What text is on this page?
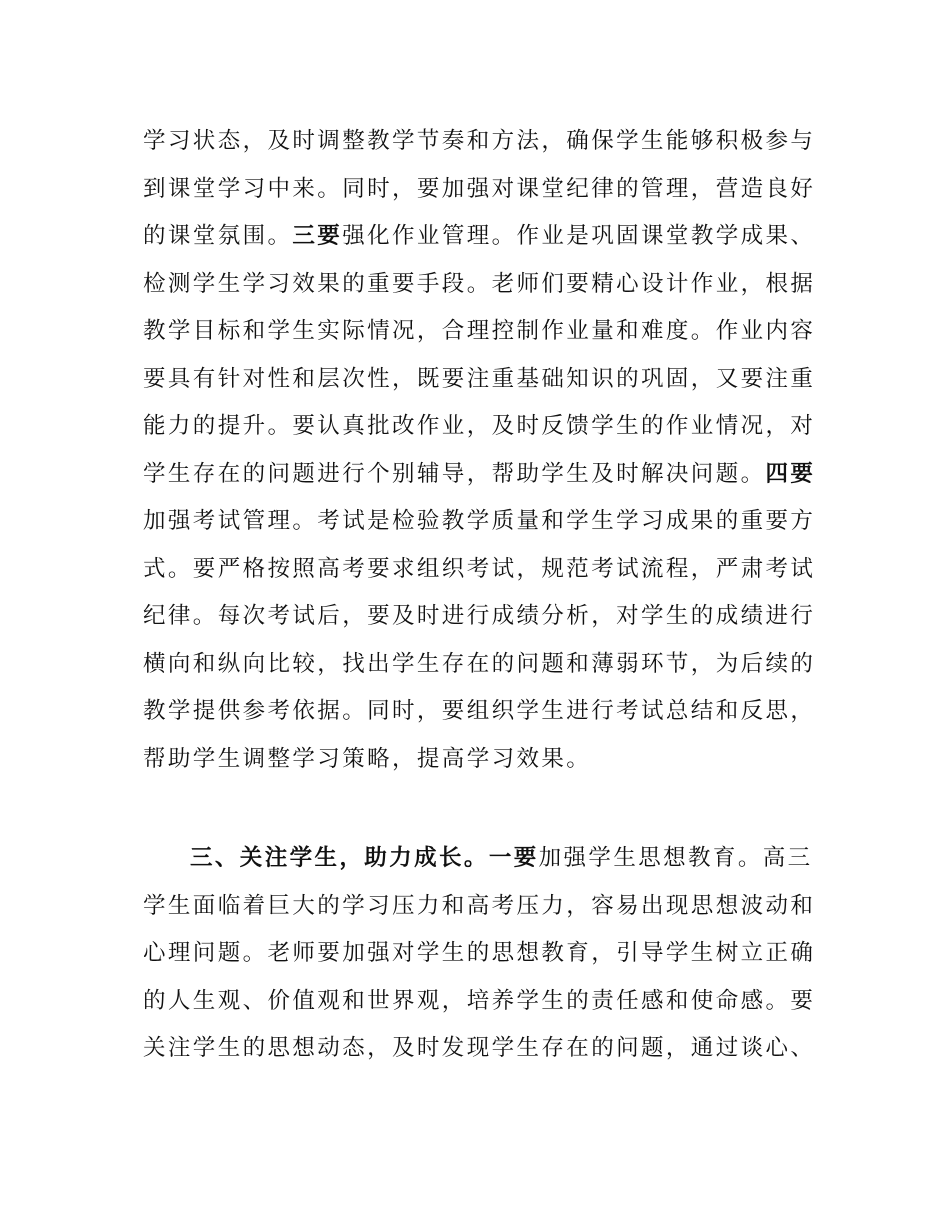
学习状态，及时调整教学节奏和方法，确保学生能够积极参与
到课堂学习中来。同时，要加强对课堂纪律的管理，营造良好
的课堂氛围。三要强化作业管理。作业是巩固课堂教学成果、
检测学生学习效果的重要手段。老师们要精心设计作业，根据
教学目标和学生实际情况，合理控制作业量和难度。作业内容
要具有针对性和层次性，既要注重基础知识的巩固，又要注重
能力的提升。要认真批改作业，及时反馈学生的作业情况，对
学生存在的问题进行个别辅导，帮助学生及时解决问题。四要
加强考试管理。考试是检验教学质量和学生学习成果的重要方
式。要严格按照高考要求组织考试，规范考试流程，严肃考试
纪律。每次考试后，要及时进行成绩分析，对学生的成绩进行
横向和纵向比较，找出学生存在的问题和薄弱环节，为后续的
教学提供参考依据。同时，要组织学生进行考试总结和反思，
帮助学生调整学习策略，提高学习效果。
三、关注学生，助力成长。一要加强学生思想教育。高三
学生面临着巨大的学习压力和高考压力，容易出现思想波动和
心理问题。老师要加强对学生的思想教育，引导学生树立正确
的人生观、价值观和世界观，培养学生的责任感和使命感。要
关注学生的思想动态，及时发现学生存在的问题，通过谈心、
